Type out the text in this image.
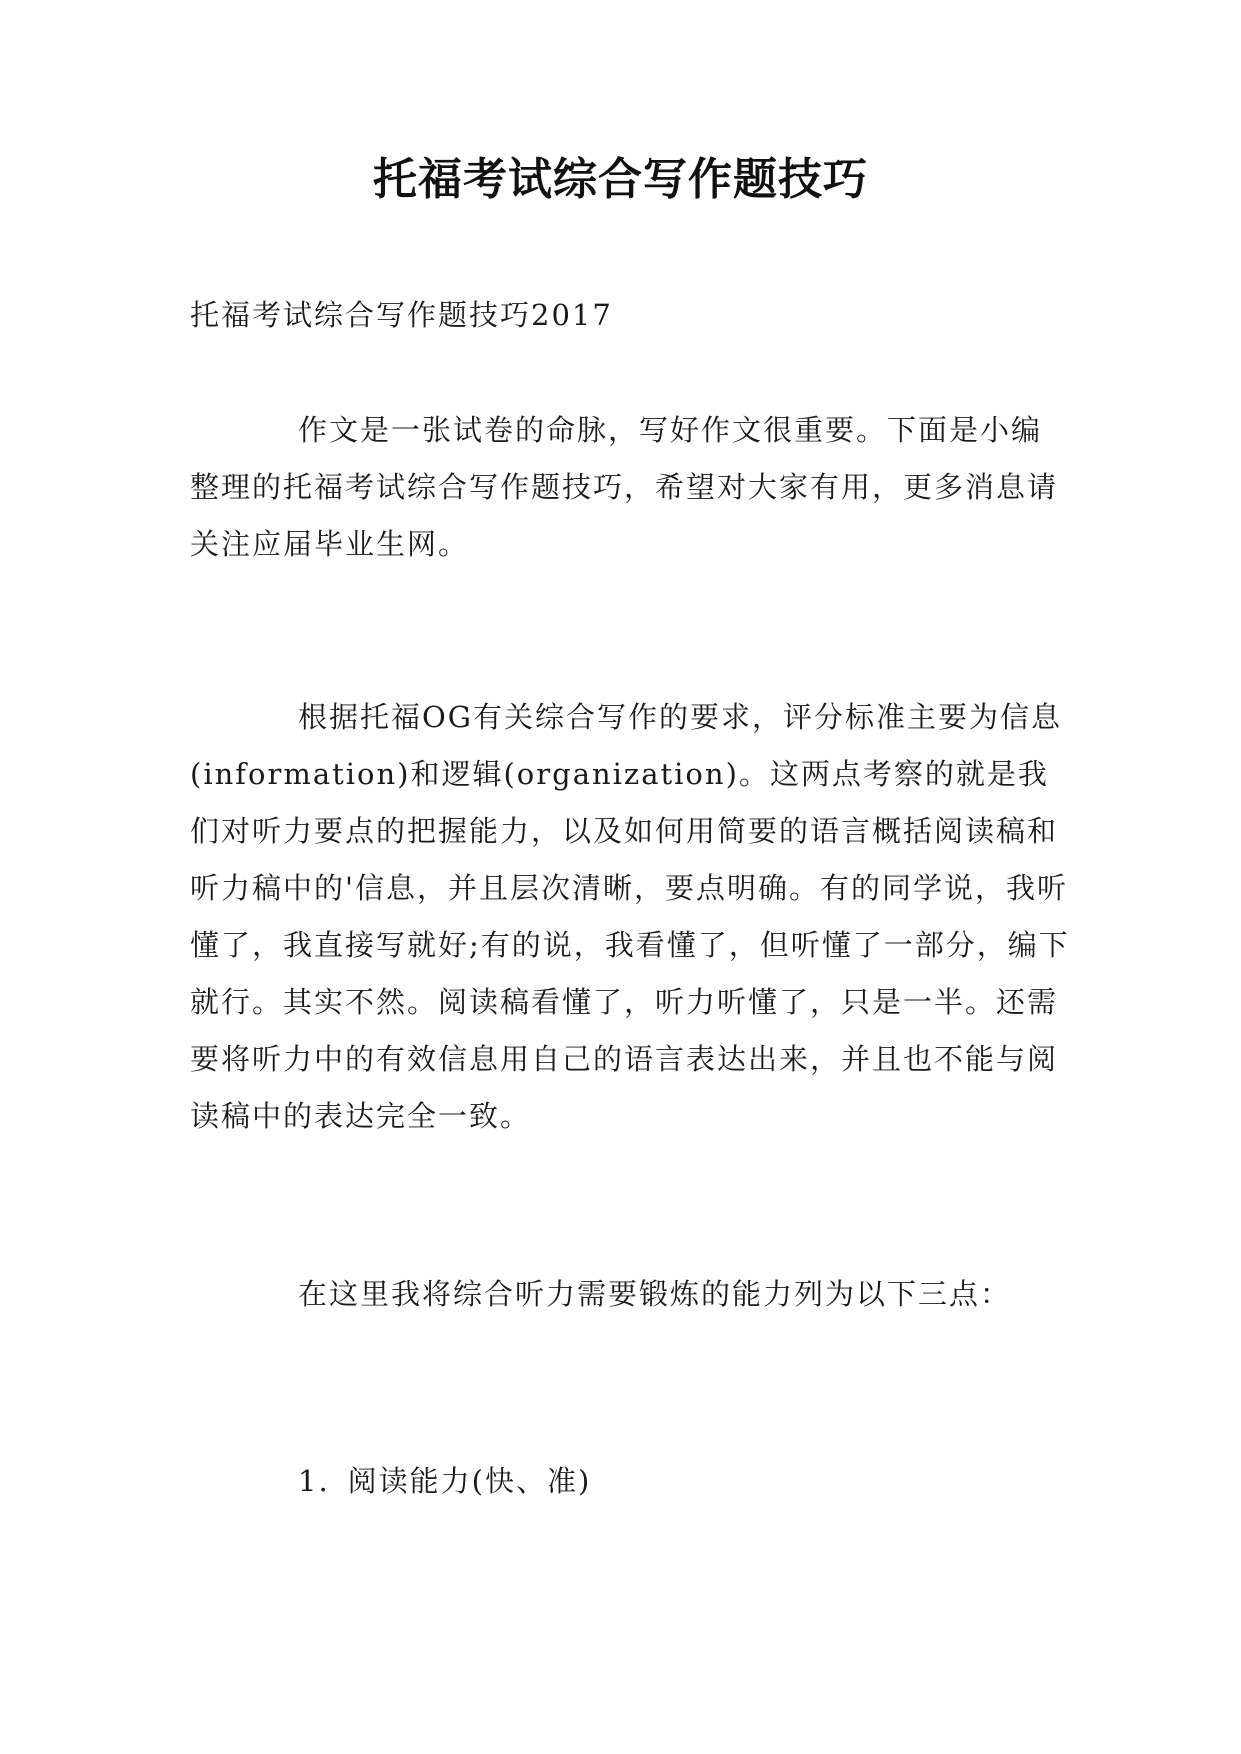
托福考试综合写作题技巧

托福考试综合写作题技巧2017

作文是一张试卷的命脉，写好作文很重要。下面是小编整理的托福考试综合写作题技巧，希望对大家有用，更多消息请关注应届毕业生网。

根据托福OG有关综合写作的要求，评分标准主要为信息(information)和逻辑(organization)。这两点考察的就是我们对听力要点的把握能力，以及如何用简要的语言概括阅读稿和听力稿中的'信息，并且层次清晰，要点明确。有的同学说，我听懂了，我直接写就好;有的说，我看懂了，但听懂了一部分，编下就行。其实不然。阅读稿看懂了，听力听懂了，只是一半。还需要将听力中的有效信息用自己的语言表达出来，并且也不能与阅读稿中的表达完全一致。

在这里我将综合听力需要锻炼的能力列为以下三点：

1. 阅读能力(快、准)
